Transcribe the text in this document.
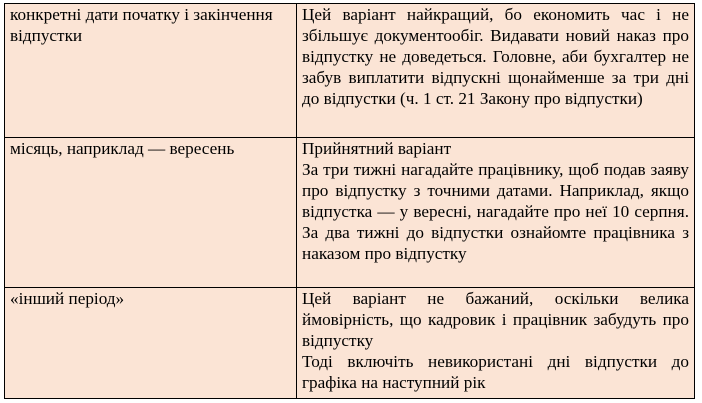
конкретні дати початку і закінчення відпустки	Цей варіант найкращий, бо економить час і не збільшує документообіг. Видавати новий наказ про відпустку не доведеться. Головне, аби бухгалтер не забув виплатити відпускні щонайменше за три дні до відпустки (ч. 1 ст. 21 Закону про відпустки)

місяць, наприклад — вересень	Прийнятний варіант

За три тижні нагадайте працівнику, щоб подав заяву про відпустку з точними датами. Наприклад, якщо відпустка — у вересні, нагадайте про неї 10 серпня. За два тижні до відпустки ознайомте працівника з наказом про відпустку

«інший період»	Цей варіант не бажаний, оскільки велика ймовірність, що кадровик і працівник забудуть про відпустку

Тоді включіть невикористані дні відпустки до графіка на наступний рік
